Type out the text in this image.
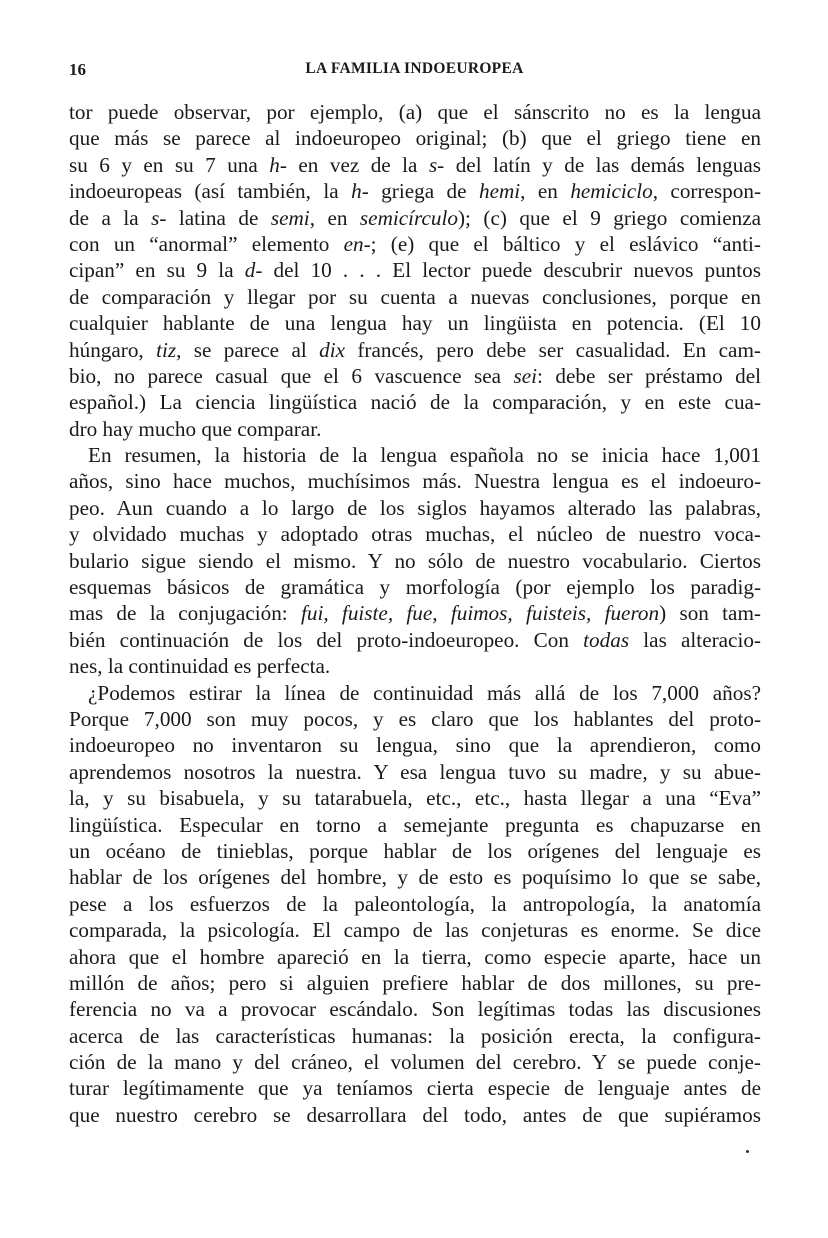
16	LA FAMILIA INDOEUROPEA
tor puede observar, por ejemplo, (a) que el sánscrito no es la lengua
que más se parece al indoeuropeo original; (b) que el griego tiene en
su 6 y en su 7 una h- en vez de la s- del latín y de las demás lenguas
indoeuropeas (así también, la h- griega de hemi, en hemiciclo, correspon-
de a la s- latina de semi, en semicírculo); (c) que el 9 griego comienza
con un “anormal” elemento en-; (e) que el báltico y el eslávico “anti-
cipan” en su 9 la d- del 10 . . . El lector puede descubrir nuevos puntos
de comparación y llegar por su cuenta a nuevas conclusiones, porque en
cualquier hablante de una lengua hay un lingüista en potencia. (El 10
húngaro, tiz, se parece al dix francés, pero debe ser casualidad. En cam-
bio, no parece casual que el 6 vascuence sea sei: debe ser préstamo del
español.) La ciencia lingüística nació de la comparación, y en este cua-
dro hay mucho que comparar.
En resumen, la historia de la lengua española no se inicia hace 1,001
años, sino hace muchos, muchísimos más. Nuestra lengua es el indoeuro-
peo. Aun cuando a lo largo de los siglos hayamos alterado las palabras,
y olvidado muchas y adoptado otras muchas, el núcleo de nuestro voca-
bulario sigue siendo el mismo. Y no sólo de nuestro vocabulario. Ciertos
esquemas básicos de gramática y morfología (por ejemplo los paradig-
mas de la conjugación: fui, fuiste, fue, fuimos, fuisteis, fueron) son tam-
bién continuación de los del proto-indoeuropeo. Con todas las alteracio-
nes, la continuidad es perfecta.
¿Podemos estirar la línea de continuidad más allá de los 7,000 años?
Porque 7,000 son muy pocos, y es claro que los hablantes del proto-
indoeuropeo no inventaron su lengua, sino que la aprendieron, como
aprendemos nosotros la nuestra. Y esa lengua tuvo su madre, y su abue-
la, y su bisabuela, y su tatarabuela, etc., etc., hasta llegar a una “Eva”
lingüística. Especular en torno a semejante pregunta es chapuzarse en
un océano de tinieblas, porque hablar de los orígenes del lenguaje es
hablar de los orígenes del hombre, y de esto es poquísimo lo que se sabe,
pese a los esfuerzos de la paleontología, la antropología, la anatomía
comparada, la psicología. El campo de las conjeturas es enorme. Se dice
ahora que el hombre apareció en la tierra, como especie aparte, hace un
millón de años; pero si alguien prefiere hablar de dos millones, su pre-
ferencia no va a provocar escándalo. Son legítimas todas las discusiones
acerca de las características humanas: la posición erecta, la configura-
ción de la mano y del cráneo, el volumen del cerebro. Y se puede conje-
turar legítimamente que ya teníamos cierta especie de lenguaje antes de
que nuestro cerebro se desarrollara del todo, antes de que supiéramos
